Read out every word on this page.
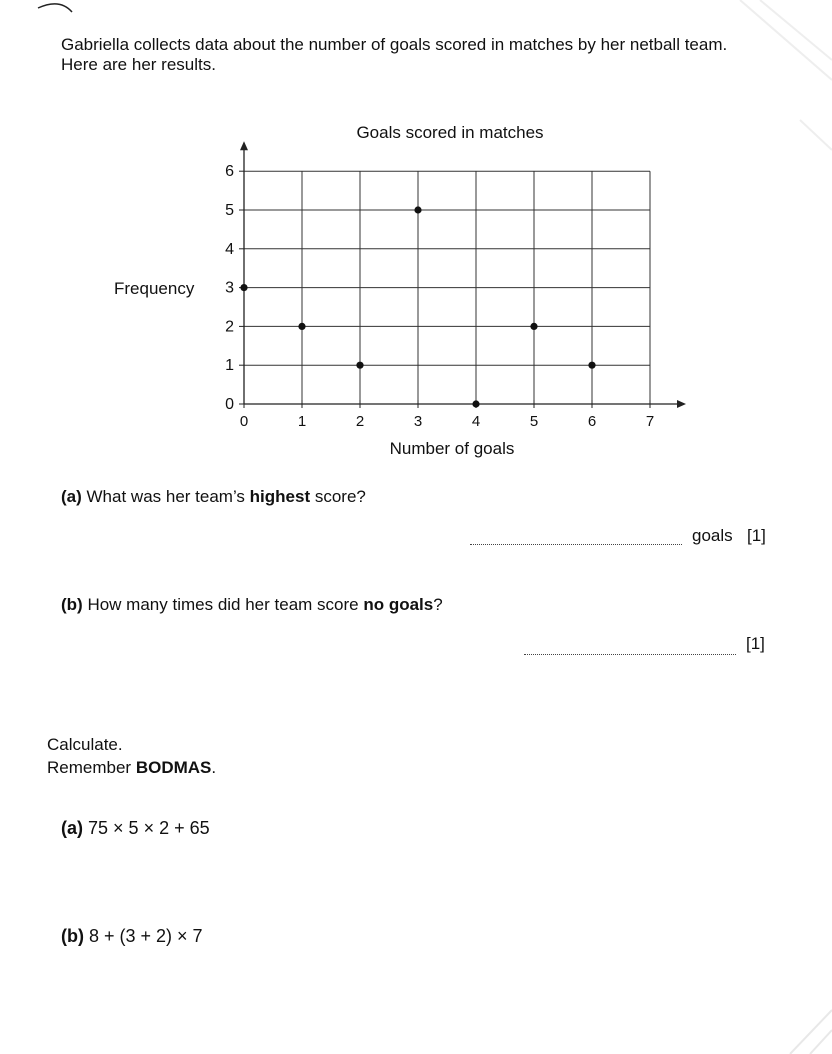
Gabriella collects data about the number of goals scored in matches by her netball team.

Here are her results.

Goals scored in matches
0
1
2
3
4
5
6
0	1	2	3	4	5	6	7
Frequency
Number of goals
(a) What was her team’s highest score?
goals [1]
(b) How many times did her team score no goals?
[1]
Calculate.
Remember BODMAS.
(a) 75 × 5 × 2 + 65
(b) 8 + (3 + 2) × 7
